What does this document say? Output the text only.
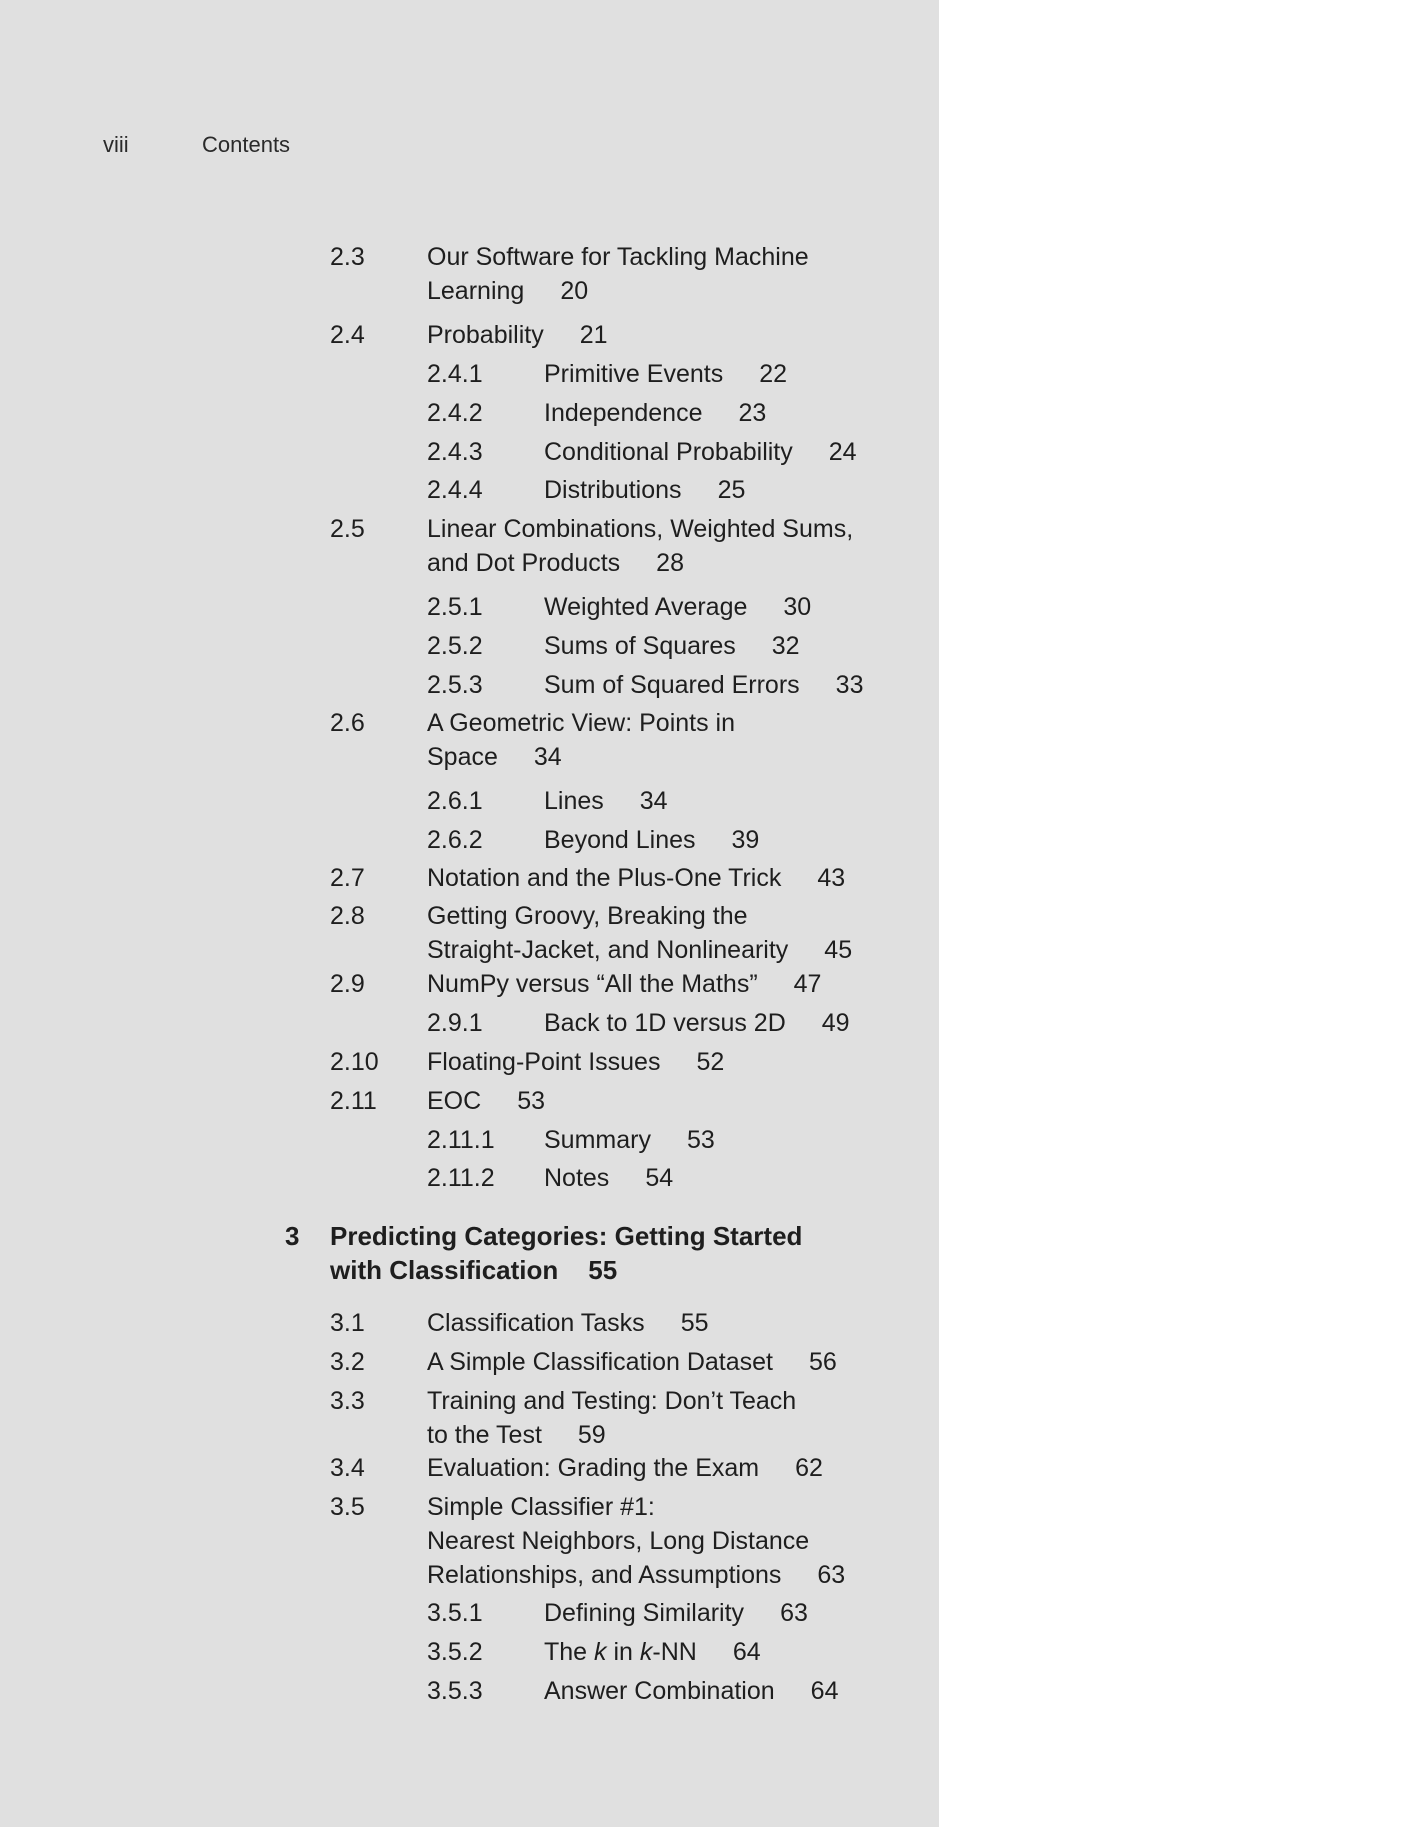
viii	Contents
2.3 Our Software for Tackling Machine
Learning 20
2.4 Probability 21
2.4.1 Primitive Events 22
2.4.2 Independence 23
2.4.3 Conditional Probability 24
2.4.4 Distributions 25
2.5 Linear Combinations, Weighted Sums,
and Dot Products 28
2.5.1 Weighted Average 30
2.5.2 Sums of Squares 32
2.5.3 Sum of Squared Errors 33
2.6 A Geometric View: Points in
Space 34
2.6.1 Lines 34
2.6.2 Beyond Lines 39
2.7 Notation and the Plus-One Trick 43
2.8 Getting Groovy, Breaking the
Straight-Jacket, and Nonlinearity 45
2.9 NumPy versus “All the Maths” 47
2.9.1 Back to 1D versus 2D 49
2.10 Floating-Point Issues 52
2.11 EOC 53
2.11.1 Summary 53
2.11.2 Notes 54
3 Predicting Categories: Getting Started
with Classification 55
3.1 Classification Tasks 55
3.2 A Simple Classification Dataset 56
3.3 Training and Testing: Don’t Teach
to the Test 59
3.4 Evaluation: Grading the Exam 62
3.5 Simple Classifier #1:
Nearest Neighbors, Long Distance
Relationships, and Assumptions 63
3.5.1 Defining Similarity 63
3.5.2 The k in k-NN 64
3.5.3 Answer Combination 64
